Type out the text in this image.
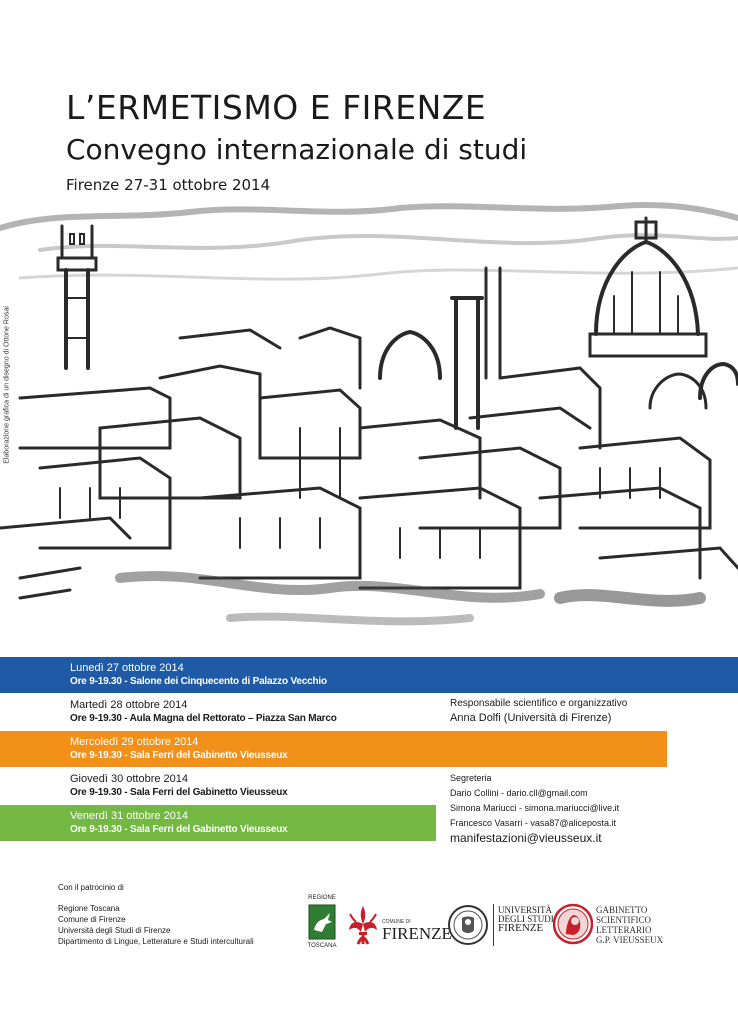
L’ERMETISMO E FIRENZE
Convegno internazionale di studi
Firenze 27-31 ottobre 2014
Elaborazione grafica di un disegno di Ottone Rosai
Lunedì 27 ottobre 2014
Ore 9-19.30 - Salone dei Cinquecento di Palazzo Vecchio
Martedì 28 ottobre 2014
Ore 9-19.30 - Aula Magna del Rettorato – Piazza San Marco
Mercoledì 29 ottobre 2014
Ore 9-19.30 - Sala Ferri del Gabinetto Vieusseux
Giovedì 30 ottobre 2014
Ore 9-19.30 - Sala Ferri del Gabinetto Vieusseux
Venerdì 31 ottobre 2014
Ore 9-19.30 - Sala Ferri del Gabinetto Vieusseux
Responsabile scientifico e organizzativo
Anna Dolfi (Università di Firenze)
Segreteria
Dario Collini - dario.cll@gmail.com
Simona Mariucci - simona.mariucci@live.it
Francesco Vasarri - vasa87@aliceposta.it
manifestazioni@vieusseux.it
Con il patrocinio di
Regione Toscana
Comune di Firenze
Università degli Studi di Firenze
Dipartimento di Lingue, Letterature e Studi interculturali
REGIONE
TOSCANA
COMUNE DI
FIRENZE
UNIVERSITÀ
DEGLI STUDI
FIRENZE
GABINETTO
SCIENTIFICO
LETTERARIO
G.P. VIEUSSEUX
